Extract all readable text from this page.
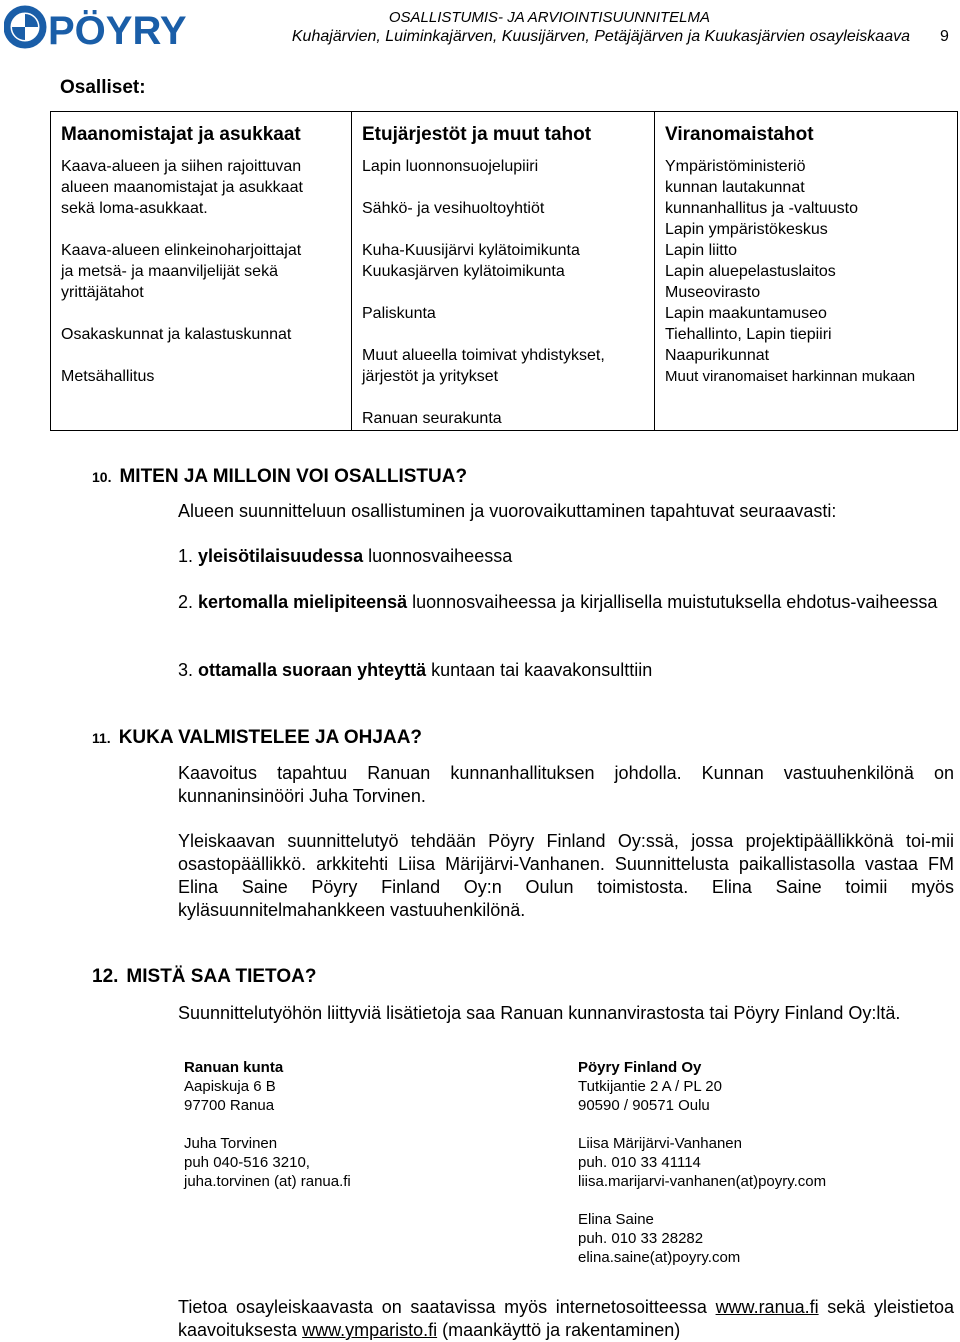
PÖYRY	OSALLISTUMIS- JA ARVIOINTISUUNNITELMA
Kuhajärvien, Luiminkajärven, Kuusijärven, Petäjäjärven ja Kuukasjärvien osayleiskaava 9
Osalliset:
Maanomistajat ja asukkaat
Kaava-alueen ja siihen rajoittuvan
alueen maanomistajat ja asukkaat
sekä loma-asukkaat.

Kaava-alueen elinkeinoharjoittajat
ja metsä- ja maanviljelijät sekä
yrittäjätahot

Osakaskunnat ja kalastuskunnat

Metsähallitus
Etujärjestöt ja muut tahot
Lapin luonnonsuojelupiiri

Sähkö- ja vesihuoltoyhtiöt

Kuha-Kuusijärvi kylätoimikunta
Kuukasjärven kylätoimikunta

Paliskunta

Muut alueella toimivat yhdistykset,
järjestöt ja yritykset

Ranuan seurakunta
Viranomaistahot
Ympäristöministeriö
kunnan lautakunnat
kunnanhallitus ja -valtuusto
Lapin ympäristökeskus
Lapin liitto
Lapin aluepelastuslaitos
Museovirasto
Lapin maakuntamuseo
Tiehallinto, Lapin tiepiiri
Naapurikunnat
Muut viranomaiset harkinnan mukaan
10. MITEN JA MILLOIN VOI OSALLISTUA?
Alueen suunnitteluun osallistuminen ja vuorovaikuttaminen tapahtuvat seuraavasti:
1. yleisötilaisuudessa luonnosvaiheessa
2. kertomalla mielipiteensä luonnosvaiheessa ja kirjallisella muistutuksella ehdotus-vaiheessa
3. ottamalla suoraan yhteyttä kuntaan tai kaavakonsulttiin
11. KUKA VALMISTELEE JA OHJAA?
Kaavoitus tapahtuu Ranuan kunnanhallituksen johdolla. Kunnan vastuuhenkilönä on kunnaninsinööri Juha Torvinen.
Yleiskaavan suunnittelutyö tehdään Pöyry Finland Oy:ssä, jossa projektipäällikkönä toi-mii osastopäällikkö. arkkitehti Liisa Märijärvi-Vanhanen. Suunnittelusta paikallistasolla vastaa FM Elina Saine Pöyry Finland Oy:n Oulun toimistosta. Elina Saine toimii myös kyläsuunnitelmahankkeen vastuuhenkilönä.
12. MISTÄ SAA TIETOA?
Suunnittelutyöhön liittyviä lisätietoja saa Ranuan kunnanvirastosta tai Pöyry Finland Oy:ltä.
Ranuan kunta
Aapiskuja 6 B
97700 Ranua
Juha Torvinen
puh 040-516 3210,
juha.torvinen (at) ranua.fi
Pöyry Finland Oy
Tutkijantie 2 A / PL 20
90590 / 90571 Oulu
Liisa Märijärvi-Vanhanen
puh. 010 33 41114
liisa.marijarvi-vanhanen(at)poyry.com
Elina Saine
puh. 010 33 28282
elina.saine(at)poyry.com
Tietoa osayleiskaavasta on saatavissa myös internetosoitteessa www.ranua.fi sekä yleistietoa kaavoituksesta www.ymparisto.fi (maankäyttö ja rakentaminen)
